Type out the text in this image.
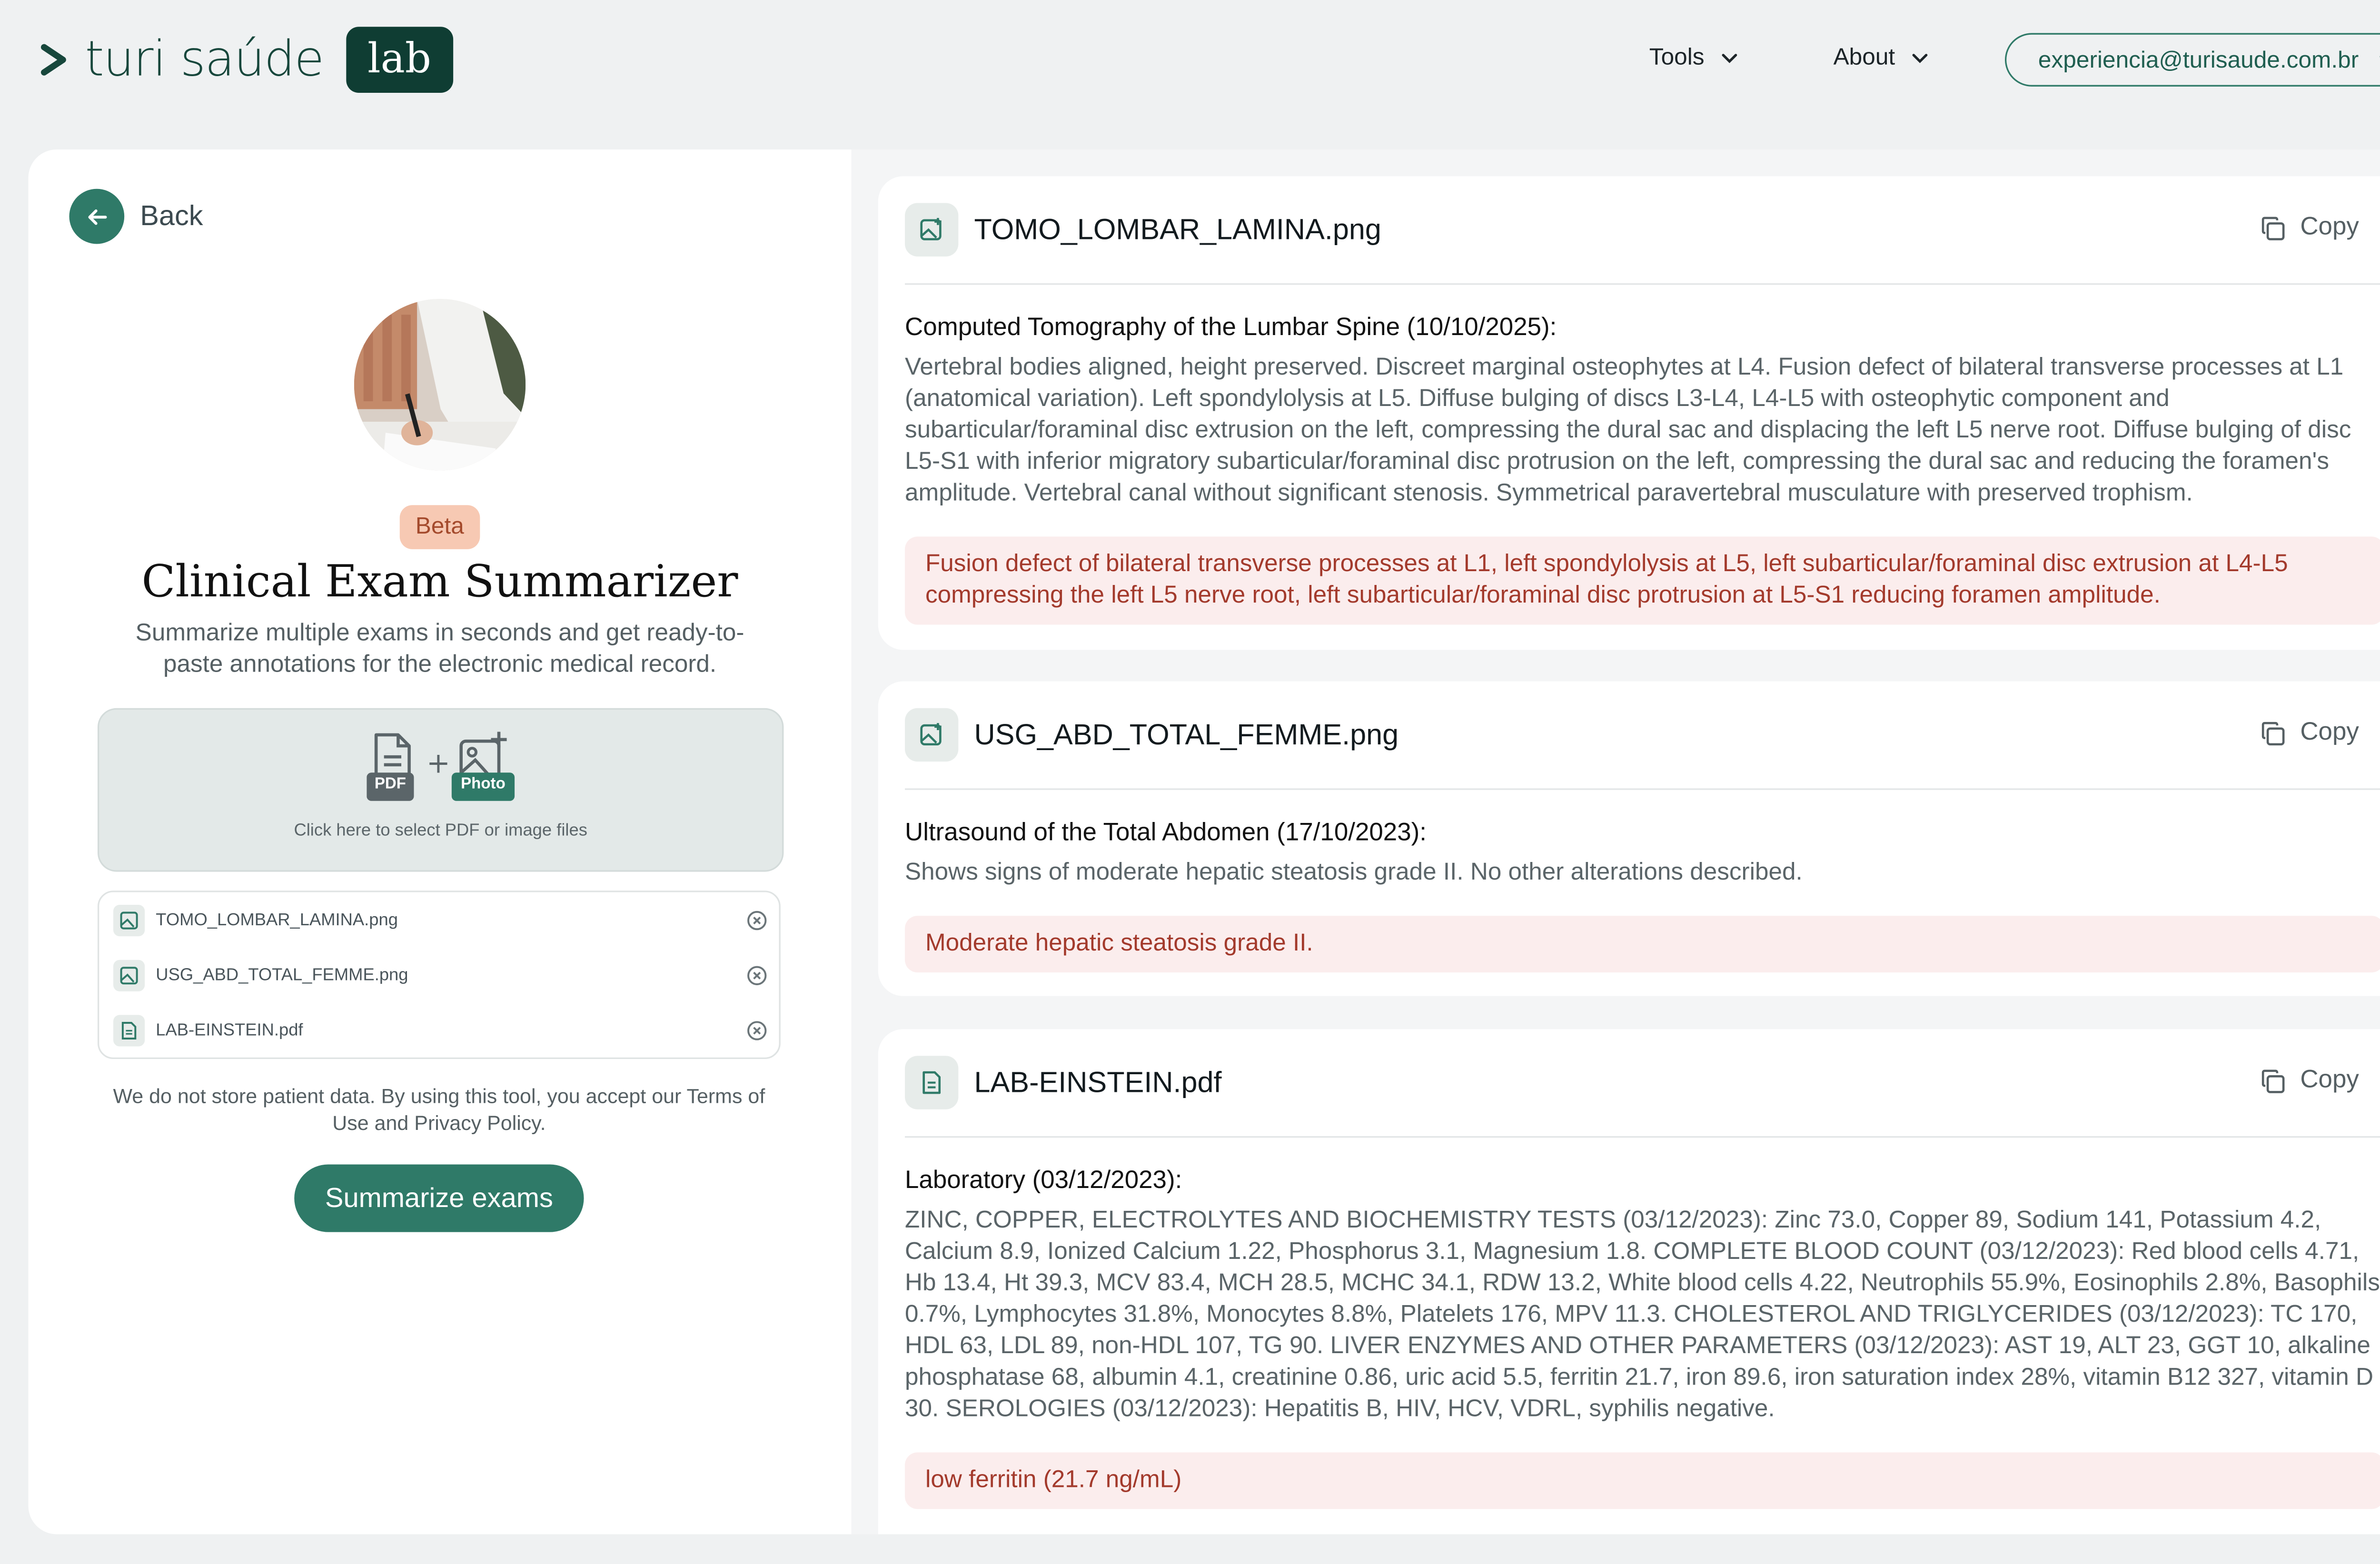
turi saúde	lab	Tools	About	experiencia@turisaude.com.br
Back
Beta
Clinical Exam Summarizer
Summarize multiple exams in seconds and get ready-to-paste annotations for the electronic medical record.
+
PDF	Photo
Click here to select PDF or image files
TOMO_LOMBAR_LAMINA.png
USG_ABD_TOTAL_FEMME.png
LAB-EINSTEIN.pdf
We do not store patient data. By using this tool, you accept our Terms of Use and Privacy Policy.
Summarize exams
TOMO_LOMBAR_LAMINA.png	Copy
Computed Tomography of the Lumbar Spine (10/10/2025):
Vertebral bodies aligned, height preserved. Discreet marginal osteophytes at L4. Fusion defect of bilateral transverse processes at L1 (anatomical variation). Left spondylolysis at L5. Diffuse bulging of discs L3-L4, L4-L5 with osteophytic component and subarticular/foraminal disc extrusion on the left, compressing the dural sac and displacing the left L5 nerve root. Diffuse bulging of disc L5-S1 with inferior migratory subarticular/foraminal disc protrusion on the left, compressing the dural sac and reducing the foramen's amplitude. Vertebral canal without significant stenosis. Symmetrical paravertebral musculature with preserved trophism.
Fusion defect of bilateral transverse processes at L1, left spondylolysis at L5, left subarticular/foraminal disc extrusion at L4-L5 compressing the left L5 nerve root, left subarticular/foraminal disc protrusion at L5-S1 reducing foramen amplitude.
USG_ABD_TOTAL_FEMME.png	Copy
Ultrasound of the Total Abdomen (17/10/2023):
Shows signs of moderate hepatic steatosis grade II. No other alterations described.
Moderate hepatic steatosis grade II.
LAB-EINSTEIN.pdf	Copy
Laboratory (03/12/2023):
ZINC, COPPER, ELECTROLYTES AND BIOCHEMISTRY TESTS (03/12/2023): Zinc 73.0, Copper 89, Sodium 141, Potassium 4.2, Calcium 8.9, Ionized Calcium 1.22, Phosphorus 3.1, Magnesium 1.8. COMPLETE BLOOD COUNT (03/12/2023): Red blood cells 4.71, Hb 13.4, Ht 39.3, MCV 83.4, MCH 28.5, MCHC 34.1, RDW 13.2, White blood cells 4.22, Neutrophils 55.9%, Eosinophils 2.8%, Basophils 0.7%, Lymphocytes 31.8%, Monocytes 8.8%, Platelets 176, MPV 11.3. CHOLESTEROL AND TRIGLYCERIDES (03/12/2023): TC 170, HDL 63, LDL 89, non-HDL 107, TG 90. LIVER ENZYMES AND OTHER PARAMETERS (03/12/2023): AST 19, ALT 23, GGT 10, alkaline phosphatase 68, albumin 4.1, creatinine 0.86, uric acid 5.5, ferritin 21.7, iron 89.6, iron saturation index 28%, vitamin B12 327, vitamin D 30. SEROLOGIES (03/12/2023): Hepatitis B, HIV, HCV, VDRL, syphilis negative.
low ferritin (21.7 ng/mL)
